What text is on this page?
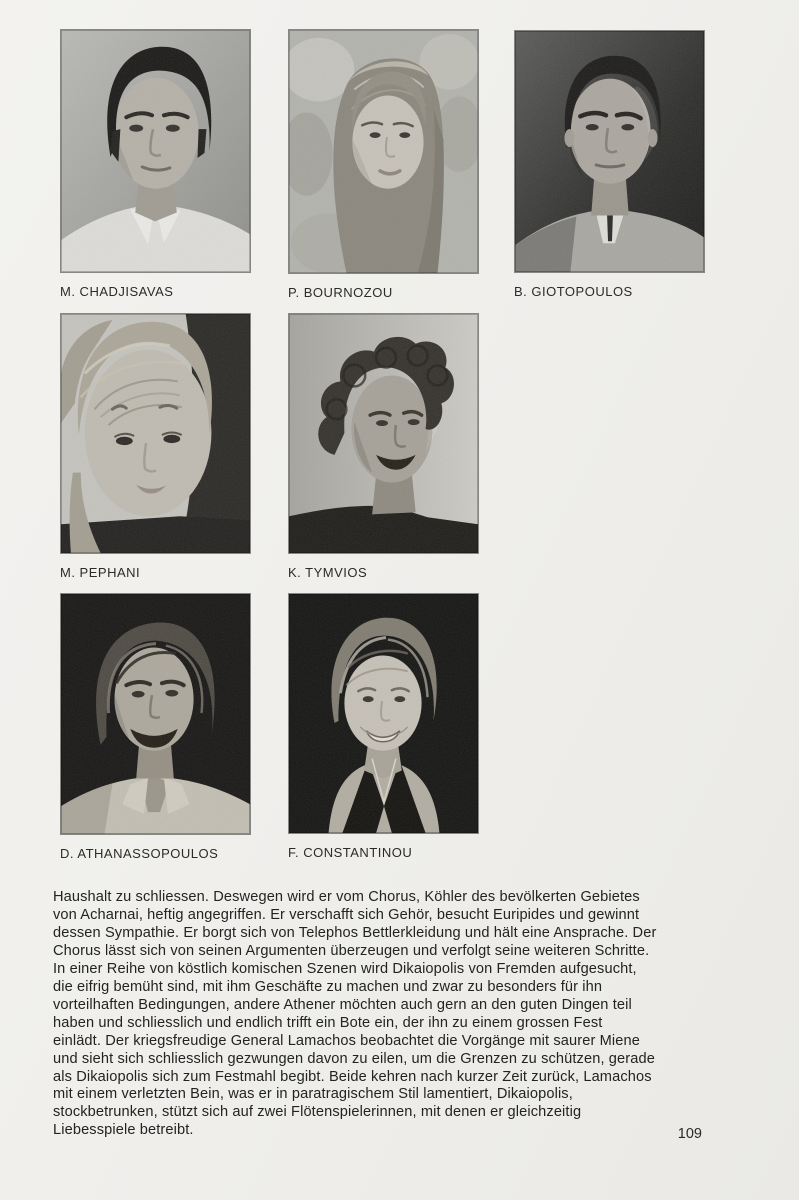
M. CHADJISAVAS	P. BOURNOZOU	B. GIOTOPOULOS
M. PEPHANI	K. TYMVIOS
D. ATHANASSOPOULOS	F. CONSTANTINOU
Haushalt zu schliessen. Deswegen wird er vom Chorus, Köhler des bevölkerten Gebietes
von Acharnai, heftig angegriffen. Er verschafft sich Gehör, besucht Euripides und gewinnt
dessen Sympathie. Er borgt sich von Telephos Bettlerkleidung und hält eine Ansprache. Der
Chorus lässt sich von seinen Argumenten überzeugen und verfolgt seine weiteren Schritte.
In einer Reihe von köstlich komischen Szenen wird Dikaiopolis von Fremden aufgesucht,
die eifrig bemüht sind, mit ihm Geschäfte zu machen und zwar zu besonders für ihn
vorteilhaften Bedingungen, andere Athener möchten auch gern an den guten Dingen teil
haben und schliesslich und endlich trifft ein Bote ein, der ihn zu einem grossen Fest
einlädt. Der kriegsfreudige General Lamachos beobachtet die Vorgänge mit saurer Miene
und sieht sich schliesslich gezwungen davon zu eilen, um die Grenzen zu schützen, gerade
als Dikaiopolis sich zum Festmahl begibt. Beide kehren nach kurzer Zeit zurück, Lamachos
mit einem verletzten Bein, was er in paratragischem Stil lamentiert, Dikaiopolis,
stockbetrunken, stützt sich auf zwei Flötenspielerinnen, mit denen er gleichzeitig
Liebesspiele betreibt.	109
